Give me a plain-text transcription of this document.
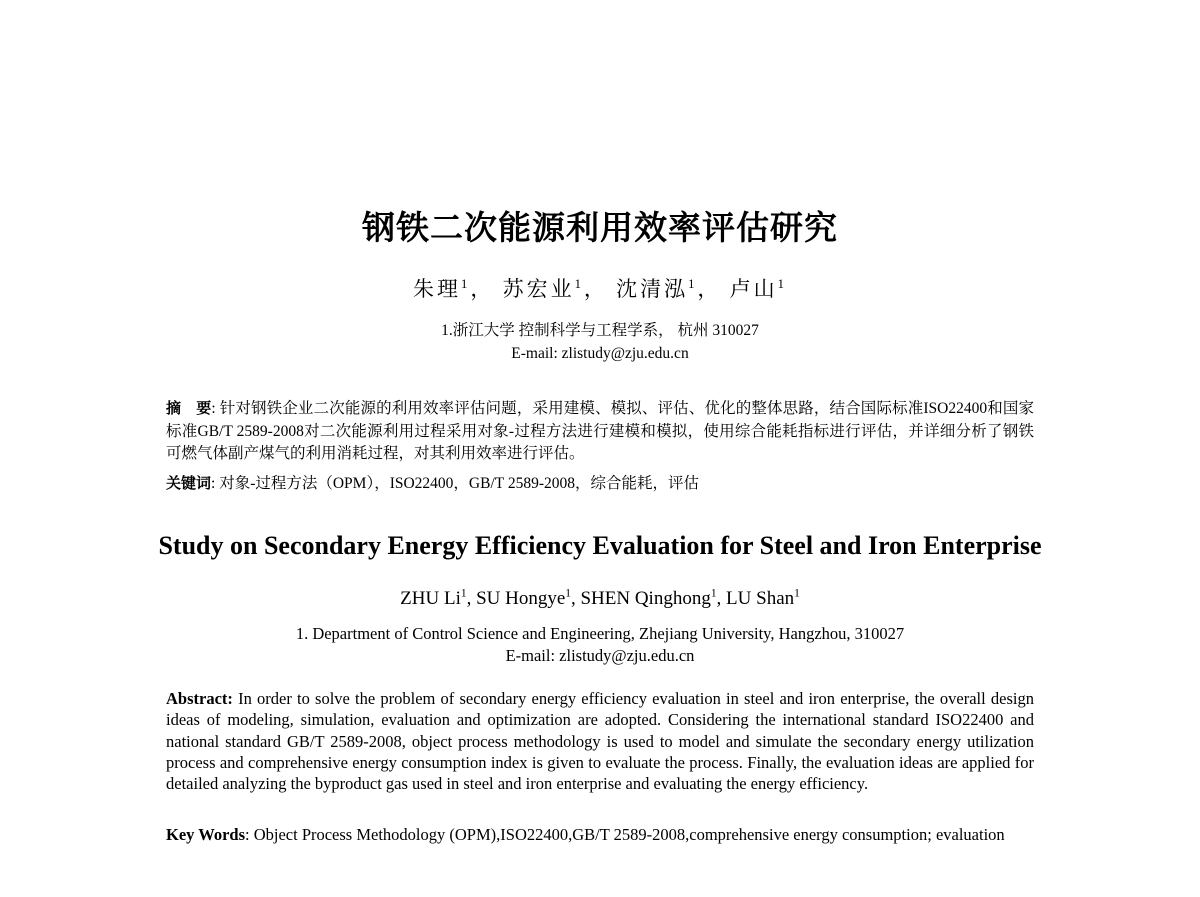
钢铁二次能源利用效率评估研究
朱理$^1$， 苏宏业$^1$， 沈清泓$^1$， 卢山$^1$
1.浙江大学 控制科学与工程学系， 杭州 310027
E-mail: zlistudy@zju.edu.cn
摘　要: 针对钢铁企业二次能源的利用效率评估问题，采用建模、模拟、评估、优化的整体思路，结合国际标准ISO22400和国家标准GB/T 2589-2008对二次能源利用过程采用对象-过程方法进行建模和模拟，使用综合能耗指标进行评估，并详细分析了钢铁可燃气体副产煤气的利用消耗过程，对其利用效率进行评估。
关键词: 对象-过程方法（OPM），ISO22400，GB/T 2589-2008，综合能耗，评估
Study on Secondary Energy Efficiency Evaluation for Steel and Iron Enterprise
ZHU Li$^1$, SU Hongye$^1$, SHEN Qinghong$^1$, LU Shan$^1$
1. Department of Control Science and Engineering, Zhejiang University, Hangzhou, 310027
E-mail: zlistudy@zju.edu.cn
Abstract: In order to solve the problem of secondary energy efficiency evaluation in steel and iron enterprise, the overall design ideas of modeling, simulation, evaluation and optimization are adopted. Considering the international standard ISO22400 and national standard GB/T 2589-2008, object process methodology is used to model and simulate the secondary energy utilization process and comprehensive energy consumption index is given to evaluate the process. Finally, the evaluation ideas are applied for detailed analyzing the byproduct gas used in steel and iron enterprise and evaluating the energy efficiency.
Key Words: Object Process Methodology (OPM),ISO22400,GB/T 2589-2008,comprehensive energy consumption; evaluation
